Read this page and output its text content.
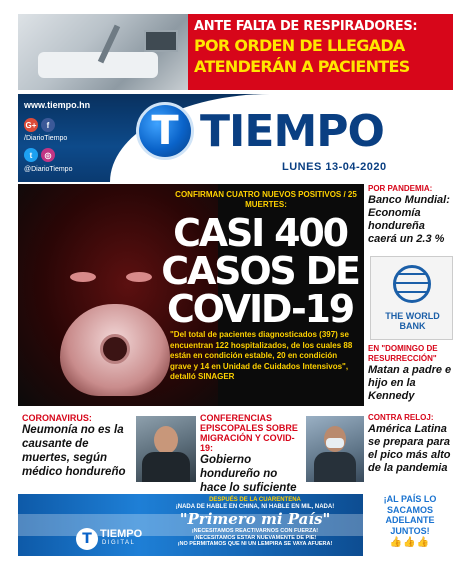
ANTE FALTA DE RESPIRADORES:
POR ORDEN DE LLEGADA
ATENDERÁN A PACIENTES
www.tiempo.hn
G+	f
/DiarioTiempo
t	◎
@DiarioTiempo
T TIEMPO
LUNES 13-04-2020
CONFIRMAN CUATRO NUEVOS POSITIVOS / 25 MUERTES:
CASI 400 CASOS DE COVID-19
"Del total de pacientes diagnosticados (397) se encuentran 122 hospitalizados, de los cuales 88 están en condición estable, 20 en condición grave y 14 en Unidad de Cuidados Intensivos", detalló SINAGER
POR PANDEMIA:
Banco Mundial: Economía hondureña caerá un 2.3 %
THE WORLD BANK
EN "DOMINGO DE RESURRECCIÓN"
Matan a padre e hijo en la Kennedy
CONTRA RELOJ:
América Latina se prepara para el pico más alto de la pandemia
CORONAVIRUS:
Neumonía no es la causante de muertes, según médico hondureño
CONFERENCIAS EPISCOPALES SOBRE MIGRACIÓN Y COVID-19:
Gobierno hondureño no hace lo suficiente
T TIEMPO
DIGITAL
DESPUÉS DE LA CUARENTENA
¡NADA DE HABLE EN CHINA, NI HABLE EN MIL, NADA!
"Primero mi País"
¡NECESITAMOS REACTIVARNOS CON FUERZA!
¡NECESITAMOS ESTAR NUEVAMENTE DE PIE!
¡NO PERMITAMOS QUE NI UN LEMPIRA SE VAYA AFUERA!
¡AL PAÍS LO SACAMOS ADELANTE JUNTOS!
👍👍👍
